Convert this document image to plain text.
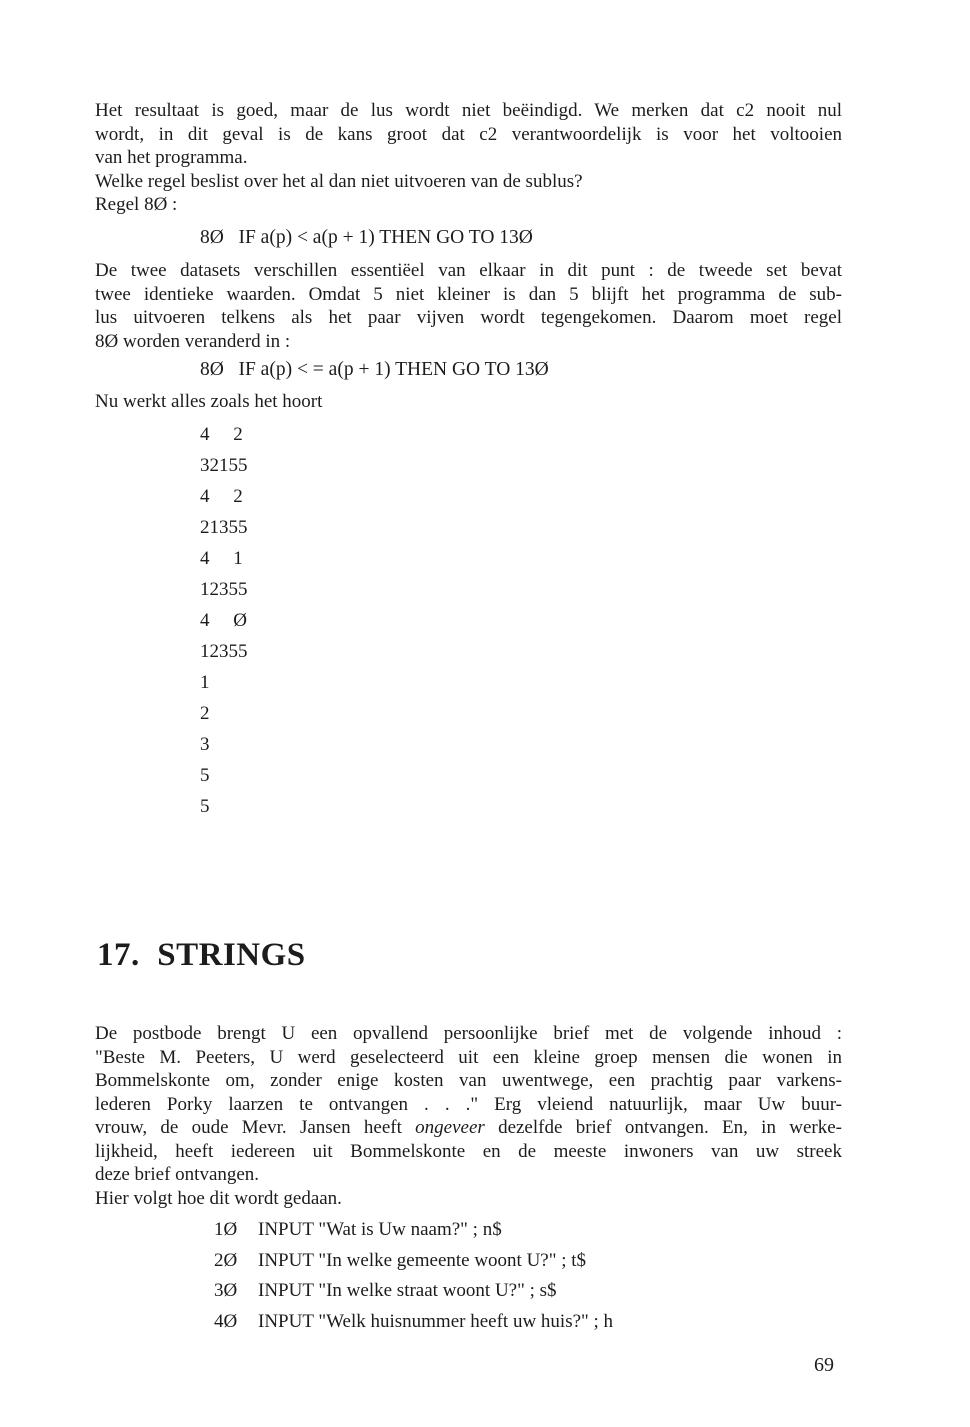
Het resultaat is goed, maar de lus wordt niet beëindigd. We merken dat c2 nooit nul
wordt, in dit geval is de kans groot dat c2 verantwoordelijk is voor het voltooien
van het programma.
Welke regel beslist over het al dan niet uitvoeren van de sublus?
Regel 8Ø :
8Ø   IF a(p) < a(p + 1) THEN GO TO 13Ø
De twee datasets verschillen essentiëel van elkaar in dit punt : de tweede set bevat
twee identieke waarden. Omdat 5 niet kleiner is dan 5 blijft het programma de sub-
lus uitvoeren telkens als het paar vijven wordt tegengekomen. Daarom moet regel
8Ø worden veranderd in :
8Ø   IF a(p) < = a(p + 1) THEN GO TO 13Ø
Nu werkt alles zoals het hoort
4     2
32155
4     2
21355
4     1
12355
4     Ø
12355
1
2
3
5
5
17.  STRINGS
De postbode brengt U een opvallend persoonlijke brief met de volgende inhoud :
"Beste M. Peeters, U werd geselecteerd uit een kleine groep mensen die wonen in
Bommelskonte om, zonder enige kosten van uwentwege, een prachtig paar varkens-
lederen Porky laarzen te ontvangen . . ." Erg vleiend natuurlijk, maar Uw buur-
vrouw, de oude Mevr. Jansen heeft ongeveer dezelfde brief ontvangen. En, in werke-
lijkheid, heeft iedereen uit Bommelskonte en de meeste inwoners van uw streek
deze brief ontvangen.
Hier volgt hoe dit wordt gedaan.
1Ø INPUT "Wat is Uw naam?" ; n$
2Ø INPUT "In welke gemeente woont U?" ; t$
3Ø INPUT "In welke straat woont U?" ; s$
4Ø INPUT "Welk huisnummer heeft uw huis?" ; h
69
